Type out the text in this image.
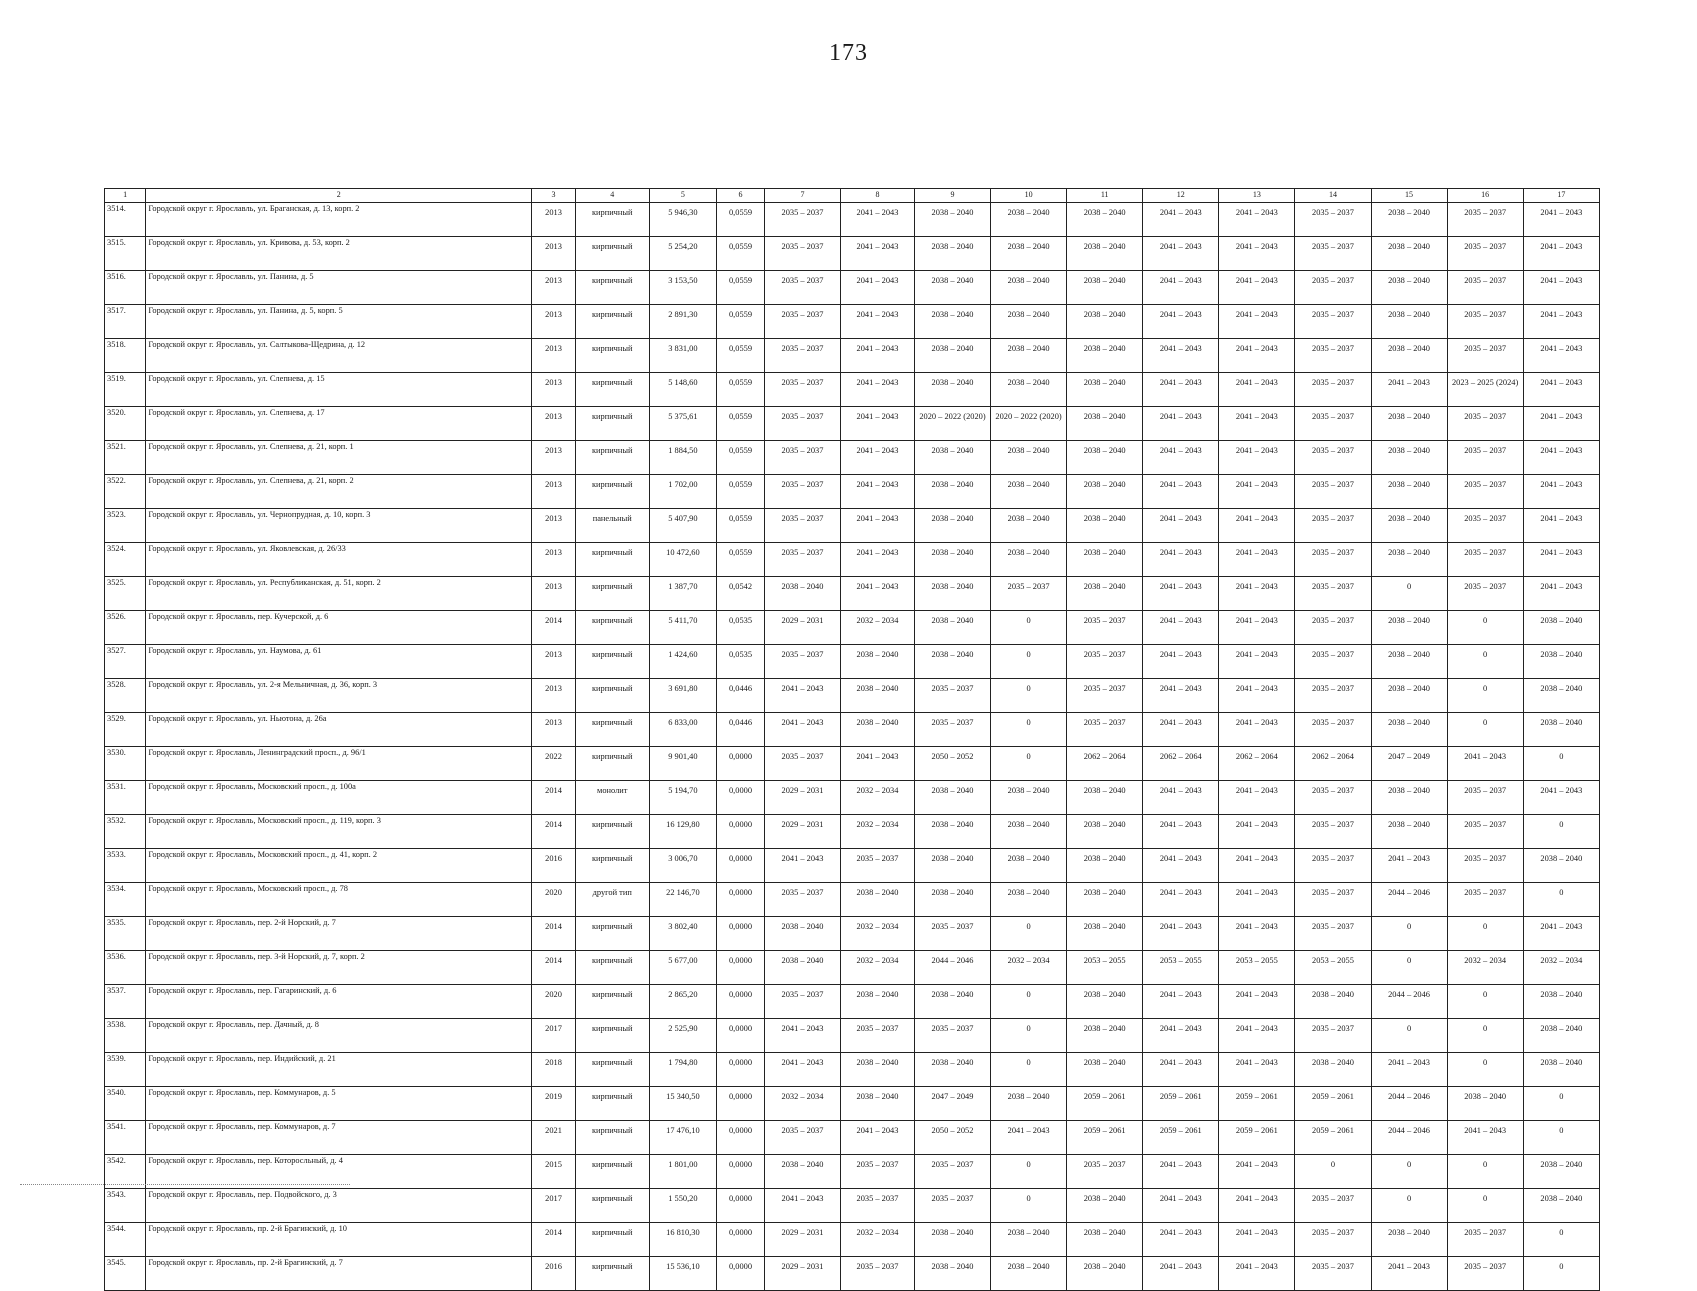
173
1	2	3	4	5	6	7	8	9	10	11	12	13	14	15	16	17
3514.	Городской округ г. Ярославль, ул. Браганская, д. 13, корп. 2	2013	кирпичный	5 946,30	0,0559	2035 – 2037	2041 – 2043	2038 – 2040	2038 – 2040	2038 – 2040	2041 – 2043	2041 – 2043	2035 – 2037	2038 – 2040	2035 – 2037	2041 – 2043
3515.	Городской округ г. Ярославль, ул. Кривова, д. 53, корп. 2	2013	кирпичный	5 254,20	0,0559	2035 – 2037	2041 – 2043	2038 – 2040	2038 – 2040	2038 – 2040	2041 – 2043	2041 – 2043	2035 – 2037	2038 – 2040	2035 – 2037	2041 – 2043
3516.	Городской округ г. Ярославль, ул. Панина, д. 5	2013	кирпичный	3 153,50	0,0559	2035 – 2037	2041 – 2043	2038 – 2040	2038 – 2040	2038 – 2040	2041 – 2043	2041 – 2043	2035 – 2037	2038 – 2040	2035 – 2037	2041 – 2043
3517.	Городской округ г. Ярославль, ул. Панина, д. 5, корп. 5	2013	кирпичный	2 891,30	0,0559	2035 – 2037	2041 – 2043	2038 – 2040	2038 – 2040	2038 – 2040	2041 – 2043	2041 – 2043	2035 – 2037	2038 – 2040	2035 – 2037	2041 – 2043
3518.	Городской округ г. Ярославль, ул. Салтыкова-Щедрина, д. 12	2013	кирпичный	3 831,00	0,0559	2035 – 2037	2041 – 2043	2038 – 2040	2038 – 2040	2038 – 2040	2041 – 2043	2041 – 2043	2035 – 2037	2038 – 2040	2035 – 2037	2041 – 2043
3519.	Городской округ г. Ярославль, ул. Слепнева, д. 15	2013	кирпичный	5 148,60	0,0559	2035 – 2037	2041 – 2043	2038 – 2040	2038 – 2040	2038 – 2040	2041 – 2043	2041 – 2043	2035 – 2037	2041 – 2043	2023 – 2025 (2024)	2041 – 2043
3520.	Городской округ г. Ярославль, ул. Слепнева, д. 17	2013	кирпичный	5 375,61	0,0559	2035 – 2037	2041 – 2043	2020 – 2022 (2020)	2020 – 2022 (2020)	2038 – 2040	2041 – 2043	2041 – 2043	2035 – 2037	2038 – 2040	2035 – 2037	2041 – 2043
3521.	Городской округ г. Ярославль, ул. Слепнева, д. 21, корп. 1	2013	кирпичный	1 884,50	0,0559	2035 – 2037	2041 – 2043	2038 – 2040	2038 – 2040	2038 – 2040	2041 – 2043	2041 – 2043	2035 – 2037	2038 – 2040	2035 – 2037	2041 – 2043
3522.	Городской округ г. Ярославль, ул. Слепнева, д. 21, корп. 2	2013	кирпичный	1 702,00	0,0559	2035 – 2037	2041 – 2043	2038 – 2040	2038 – 2040	2038 – 2040	2041 – 2043	2041 – 2043	2035 – 2037	2038 – 2040	2035 – 2037	2041 – 2043
3523.	Городской округ г. Ярославль, ул. Чернопрудная, д. 10, корп. 3	2013	панельный	5 407,90	0,0559	2035 – 2037	2041 – 2043	2038 – 2040	2038 – 2040	2038 – 2040	2041 – 2043	2041 – 2043	2035 – 2037	2038 – 2040	2035 – 2037	2041 – 2043
3524.	Городской округ г. Ярославль, ул. Яковлевская, д. 26/33	2013	кирпичный	10 472,60	0,0559	2035 – 2037	2041 – 2043	2038 – 2040	2038 – 2040	2038 – 2040	2041 – 2043	2041 – 2043	2035 – 2037	2038 – 2040	2035 – 2037	2041 – 2043
3525.	Городской округ г. Ярославль, ул. Республиканская, д. 51, корп. 2	2013	кирпичный	1 387,70	0,0542	2038 – 2040	2041 – 2043	2038 – 2040	2035 – 2037	2038 – 2040	2041 – 2043	2041 – 2043	2035 – 2037	0	2035 – 2037	2041 – 2043
3526.	Городской округ г. Ярославль, пер. Кучерской, д. 6	2014	кирпичный	5 411,70	0,0535	2029 – 2031	2032 – 2034	2038 – 2040	0	2035 – 2037	2041 – 2043	2041 – 2043	2035 – 2037	2038 – 2040	0	2038 – 2040
3527.	Городской округ г. Ярославль, ул. Наумова, д. 61	2013	кирпичный	1 424,60	0,0535	2035 – 2037	2038 – 2040	2038 – 2040	0	2035 – 2037	2041 – 2043	2041 – 2043	2035 – 2037	2038 – 2040	0	2038 – 2040
3528.	Городской округ г. Ярославль, ул. 2-я Мельничная, д. 36, корп. 3	2013	кирпичный	3 691,80	0,0446	2041 – 2043	2038 – 2040	2035 – 2037	0	2035 – 2037	2041 – 2043	2041 – 2043	2035 – 2037	2038 – 2040	0	2038 – 2040
3529.	Городской округ г. Ярославль, ул. Ньютона, д. 26а	2013	кирпичный	6 833,00	0,0446	2041 – 2043	2038 – 2040	2035 – 2037	0	2035 – 2037	2041 – 2043	2041 – 2043	2035 – 2037	2038 – 2040	0	2038 – 2040
3530.	Городской округ г. Ярославль, Ленинградский просп., д. 96/1	2022	кирпичный	9 901,40	0,0000	2035 – 2037	2041 – 2043	2050 – 2052	0	2062 – 2064	2062 – 2064	2062 – 2064	2062 – 2064	2047 – 2049	2041 – 2043	0
3531.	Городской округ г. Ярославль, Московский просп., д. 100а	2014	монолит	5 194,70	0,0000	2029 – 2031	2032 – 2034	2038 – 2040	2038 – 2040	2038 – 2040	2041 – 2043	2041 – 2043	2035 – 2037	2038 – 2040	2035 – 2037	2041 – 2043
3532.	Городской округ г. Ярославль, Московский просп., д. 119, корп. 3	2014	кирпичный	16 129,80	0,0000	2029 – 2031	2032 – 2034	2038 – 2040	2038 – 2040	2038 – 2040	2041 – 2043	2041 – 2043	2035 – 2037	2038 – 2040	2035 – 2037	0
3533.	Городской округ г. Ярославль, Московский просп., д. 41, корп. 2	2016	кирпичный	3 006,70	0,0000	2041 – 2043	2035 – 2037	2038 – 2040	2038 – 2040	2038 – 2040	2041 – 2043	2041 – 2043	2035 – 2037	2041 – 2043	2035 – 2037	2038 – 2040
3534.	Городской округ г. Ярославль, Московский просп., д. 78	2020	другой тип	22 146,70	0,0000	2035 – 2037	2038 – 2040	2038 – 2040	2038 – 2040	2038 – 2040	2041 – 2043	2041 – 2043	2035 – 2037	2044 – 2046	2035 – 2037	0
3535.	Городской округ г. Ярославль, пер. 2-й Норский, д. 7	2014	кирпичный	3 802,40	0,0000	2038 – 2040	2032 – 2034	2035 – 2037	0	2038 – 2040	2041 – 2043	2041 – 2043	2035 – 2037	0	0	2041 – 2043
3536.	Городской округ г. Ярославль, пер. 3-й Норский, д. 7, корп. 2	2014	кирпичный	5 677,00	0,0000	2038 – 2040	2032 – 2034	2044 – 2046	2032 – 2034	2053 – 2055	2053 – 2055	2053 – 2055	2053 – 2055	0	2032 – 2034	2032 – 2034
3537.	Городской округ г. Ярославль, пер. Гагаринский, д. 6	2020	кирпичный	2 865,20	0,0000	2035 – 2037	2038 – 2040	2038 – 2040	0	2038 – 2040	2041 – 2043	2041 – 2043	2038 – 2040	2044 – 2046	0	2038 – 2040
3538.	Городской округ г. Ярославль, пер. Дачный, д. 8	2017	кирпичный	2 525,90	0,0000	2041 – 2043	2035 – 2037	2035 – 2037	0	2038 – 2040	2041 – 2043	2041 – 2043	2035 – 2037	0	0	2038 – 2040
3539.	Городской округ г. Ярославль, пер. Индийский, д. 21	2018	кирпичный	1 794,80	0,0000	2041 – 2043	2038 – 2040	2038 – 2040	0	2038 – 2040	2041 – 2043	2041 – 2043	2038 – 2040	2041 – 2043	0	2038 – 2040
3540.	Городской округ г. Ярославль, пер. Коммунаров, д. 5	2019	кирпичный	15 340,50	0,0000	2032 – 2034	2038 – 2040	2047 – 2049	2038 – 2040	2059 – 2061	2059 – 2061	2059 – 2061	2059 – 2061	2044 – 2046	2038 – 2040	0
3541.	Городской округ г. Ярославль, пер. Коммунаров, д. 7	2021	кирпичный	17 476,10	0,0000	2035 – 2037	2041 – 2043	2050 – 2052	2041 – 2043	2059 – 2061	2059 – 2061	2059 – 2061	2059 – 2061	2044 – 2046	2041 – 2043	0
3542.	Городской округ г. Ярославль, пер. Которосльный, д. 4	2015	кирпичный	1 801,00	0,0000	2038 – 2040	2035 – 2037	2035 – 2037	0	2035 – 2037	2041 – 2043	2041 – 2043	0	0	0	2038 – 2040
3543.	Городской округ г. Ярославль, пер. Подвойского, д. 3	2017	кирпичный	1 550,20	0,0000	2041 – 2043	2035 – 2037	2035 – 2037	0	2038 – 2040	2041 – 2043	2041 – 2043	2035 – 2037	0	0	2038 – 2040
3544.	Городской округ г. Ярославль, пр. 2-й Брагинский, д. 10	2014	кирпичный	16 810,30	0,0000	2029 – 2031	2032 – 2034	2038 – 2040	2038 – 2040	2038 – 2040	2041 – 2043	2041 – 2043	2035 – 2037	2038 – 2040	2035 – 2037	0
3545.	Городской округ г. Ярославль, пр. 2-й Брагинский, д. 7	2016	кирпичный	15 536,10	0,0000	2029 – 2031	2035 – 2037	2038 – 2040	2038 – 2040	2038 – 2040	2041 – 2043	2041 – 2043	2035 – 2037	2041 – 2043	2035 – 2037	0
